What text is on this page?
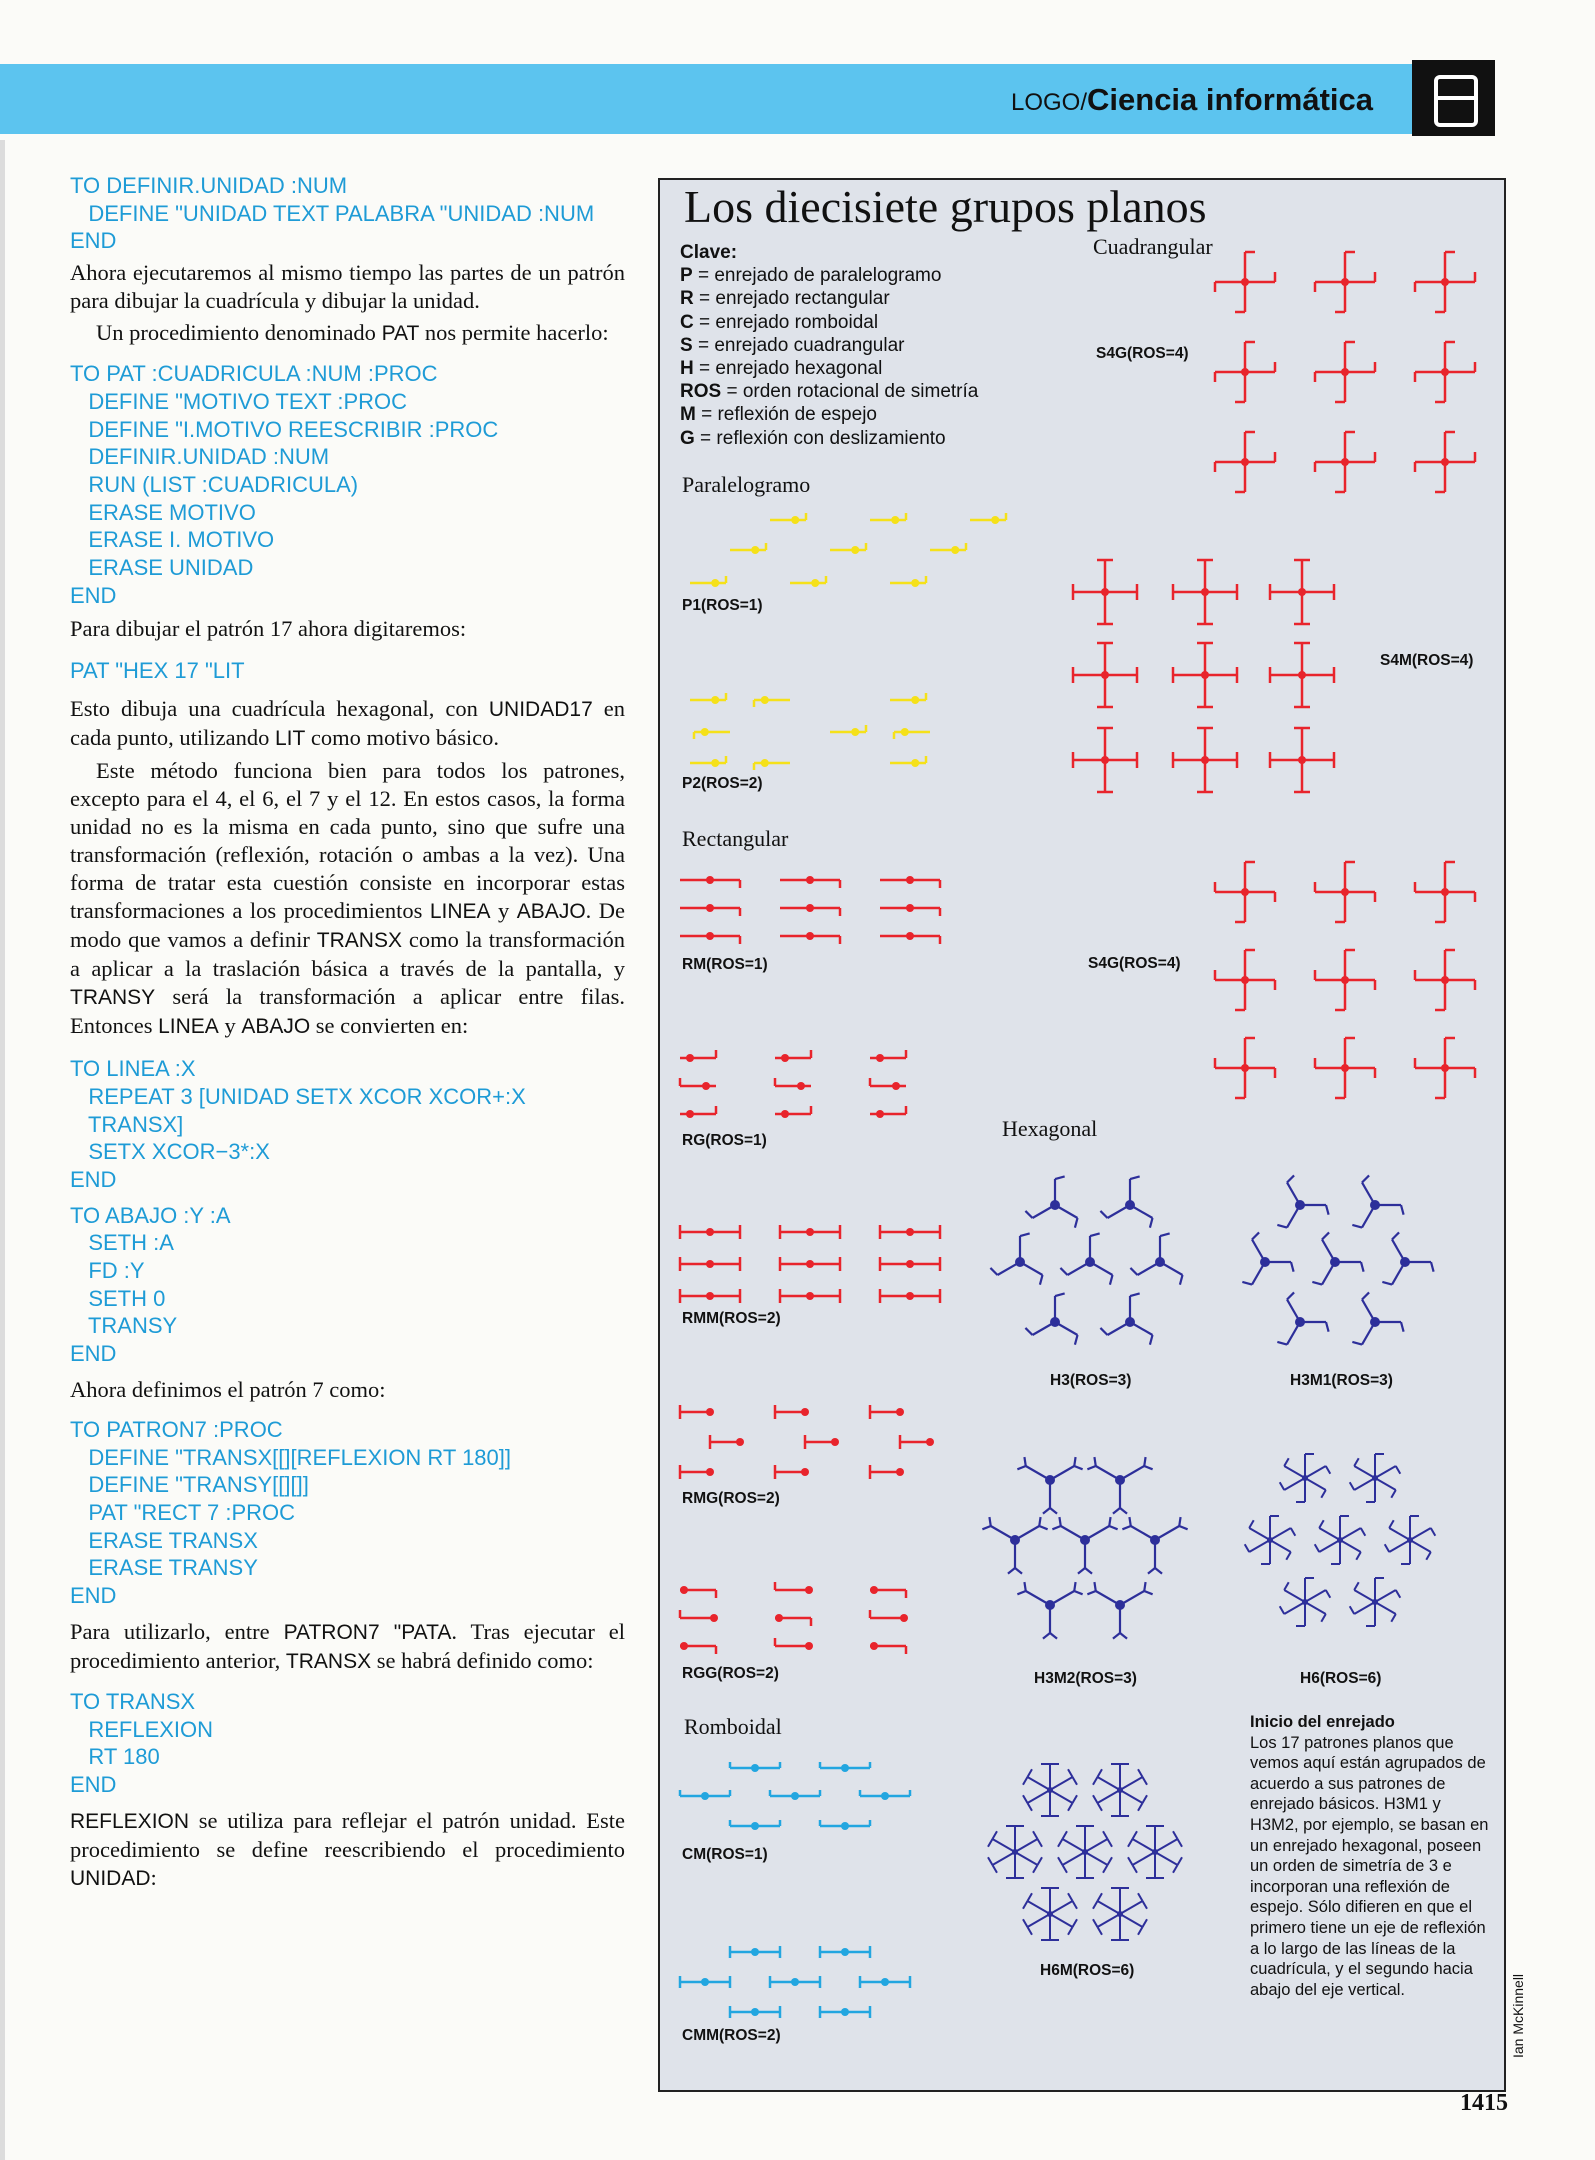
LOGO/Ciencia informática
TO DEFINIR.UNIDAD :NUM
DEFINE "UNIDAD TEXT PALABRA "UNIDAD :NUM
END

Ahora ejecutaremos al mismo tiempo las partes de un patrón para dibujar la cuadrícula y dibujar la unidad.

Un procedimiento denominado PAT nos permite hacerlo:

TO PAT :CUADRICULA :NUM :PROC
DEFINE "MOTIVO TEXT :PROC
DEFINE "I.MOTIVO REESCRIBIR :PROC
DEFINIR.UNIDAD :NUM
RUN (LIST :CUADRICULA)
ERASE MOTIVO
ERASE I. MOTIVO
ERASE UNIDAD
END

Para dibujar el patrón 17 ahora digitaremos:

PAT "HEX 17 "LIT

Esto dibuja una cuadrícula hexagonal, con UNIDAD17 en cada punto, utilizando LIT como motivo básico.

Este método funciona bien para todos los patrones, excepto para el 4, el 6, el 7 y el 12. En estos casos, la forma unidad no es la misma en cada punto, sino que sufre una transformación (reflexión, rotación o ambas a la vez). Una forma de tratar esta cuestión consiste en incorporar estas transformaciones a los procedimientos LINEA y ABAJO. De modo que vamos a definir TRANSX como la transformación a aplicar a la traslación básica a través de la pantalla, y TRANSY será la transformación a aplicar entre filas. Entonces LINEA y ABAJO se convierten en:

TO LINEA :X
REPEAT 3 [UNIDAD SETX XCOR XCOR+:X
TRANSX]
SETX XCOR−3*:X
END
TO ABAJO :Y :A
SETH :A
FD :Y
SETH 0
TRANSY
END

Ahora definimos el patrón 7 como:

TO PATRON7 :PROC
DEFINE "TRANSX[[][REFLEXION RT 180]]
DEFINE "TRANSY[[][]]
PAT "RECT 7 :PROC
ERASE TRANSX
ERASE TRANSY
END

Para utilizarlo, entre PATRON7 "PATA. Tras ejecutar el procedimiento anterior, TRANSX se habrá definido como:

TO TRANSX
REFLEXION
RT 180
END

REFLEXION se utiliza para reflejar el patrón unidad. Este procedimiento se define reescribiendo el procedimiento UNIDAD:

Los diecisiete grupos planos
Clave:
P = enrejado de paralelogramo
R = enrejado rectangular
C = enrejado romboidal
S = enrejado cuadrangular
H = enrejado hexagonal
ROS = orden rotacional de simetría
M = reflexión de espejo
G = reflexión con deslizamiento
Cuadrangular
Paralelogramo
Rectangular
Hexagonal
Romboidal
S4G(ROS=4)
P1(ROS=1)
S4M(ROS=4)
P2(ROS=2)
S4G(ROS=4)
RM(ROS=1)
RG(ROS=1)
RMM(ROS=2)
H3(ROS=3)	H3M1(ROS=3)
RMG(ROS=2)
RGG(ROS=2)	H3M2(ROS=3)	H6(ROS=6)
CM(ROS=1)
H6M(ROS=6)
CMM(ROS=2)
Inicio del enrejado
Los 17 patrones planos que vemos aquí están agrupados de acuerdo a sus patrones de enrejado básicos. H3M1 y H3M2, por ejemplo, se basan en un enrejado hexagonal, poseen un orden de simetría de 3 e incorporan una reflexión de espejo. Sólo difieren en que el primero tiene un eje de reflexión a lo largo de las líneas de la cuadrícula, y el segundo hacia abajo del eje vertical.	Ian McKinnell
1415
